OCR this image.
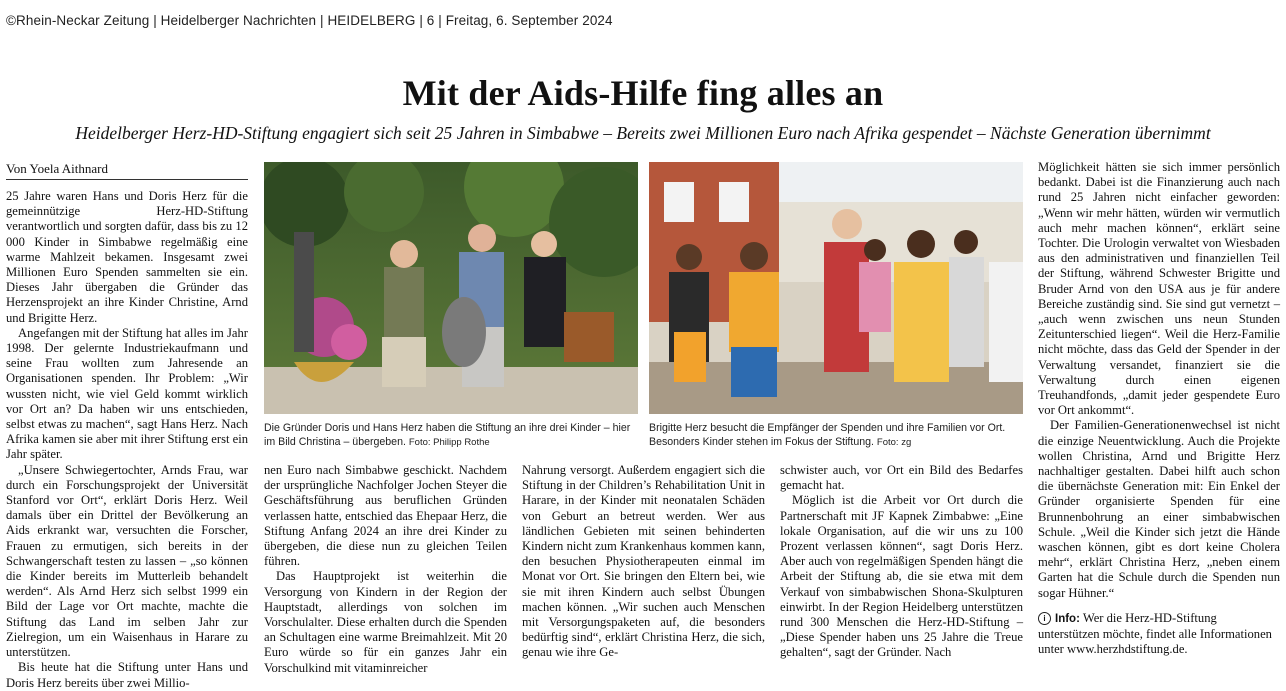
©Rhein-Neckar Zeitung | Heidelberger Nachrichten | HEIDELBERG | 6 | Freitag, 6. September 2024
Mit der Aids-Hilfe fing alles an
Heidelberger Herz-HD-Stiftung engagiert sich seit 25 Jahren in Simbabwe – Bereits zwei Millionen Euro nach Afrika gespendet – Nächste Generation übernimmt
Von Yoela Aithnard

25 Jahre waren Hans und Doris Herz für die gemeinnützige Herz-HD-Stiftung verantwortlich und sorgten dafür, dass bis zu 12 000 Kinder in Simbabwe regelmäßig eine warme Mahlzeit bekamen. Insgesamt zwei Millionen Euro Spenden sammelten sie ein. Dieses Jahr übergaben die Gründer das Herzensprojekt an ihre Kinder Christine, Arnd und Brigitte Herz.

Angefangen mit der Stiftung hat alles im Jahr 1998. Der gelernte Industriekaufmann und seine Frau wollten zum Jahresende an Organisationen spenden. Ihr Problem: „Wir wussten nicht, wie viel Geld kommt wirklich vor Ort an? Da haben wir uns entschieden, selbst etwas zu machen“, sagt Hans Herz. Nach Afrika kamen sie aber mit ihrer Stiftung erst ein Jahr später.

„Unsere Schwiegertochter, Arnds Frau, war durch ein Forschungsprojekt der Universität Stanford vor Ort“, erklärt Doris Herz. Weil damals über ein Drittel der Bevölkerung an Aids erkrankt war, versuchten die Forscher, Frauen zu ermutigen, sich bereits in der Schwangerschaft testen zu lassen – „so können die Kinder bereits im Mutterleib behandelt werden“. Als Arnd Herz sich selbst 1999 ein Bild der Lage vor Ort machte, machte die Stiftung das Land im selben Jahr zur Zielregion, um ein Waisenhaus in Harare zu unterstützen.

Bis heute hat die Stiftung unter Hans und Doris Herz bereits über zwei Millio-

Die Gründer Doris und Hans Herz haben die Stiftung an ihre drei Kinder – hier im Bild Christina – übergeben. Foto: Philipp Rothe
Brigitte Herz besucht die Empfänger der Spenden und ihre Familien vor Ort. Besonders Kinder stehen im Fokus der Stiftung. Foto: zg

nen Euro nach Simbabwe geschickt. Nachdem der ursprüngliche Nachfolger Jochen Steyer die Geschäftsführung aus beruflichen Gründen verlassen hatte, entschied das Ehepaar Herz, die Stiftung Anfang 2024 an ihre drei Kinder zu übergeben, die diese nun zu gleichen Teilen führen.

Das Hauptprojekt ist weiterhin die Versorgung von Kindern in der Region der Hauptstadt, allerdings von solchen im Vorschulalter. Diese erhalten durch die Spenden an Schultagen eine warme Breimahlzeit. Mit 20 Euro würde so für ein ganzes Jahr ein Vorschulkind mit vitaminreicher

Nahrung versorgt. Außerdem engagiert sich die Stiftung in der Children’s Rehabilitation Unit in Harare, in der Kinder mit neonatalen Schäden von Geburt an betreut werden. Wer aus ländlichen Gebieten mit seinen behinderten Kindern nicht zum Krankenhaus kommen kann, den besuchen Physiotherapeuten einmal im Monat vor Ort. Sie bringen den Eltern bei, wie sie mit ihren Kindern auch selbst Übungen machen können. „Wir suchen auch Menschen mit Versorgungspaketen auf, die besonders bedürftig sind“, erklärt Christina Herz, die sich, genau wie ihre Ge-

schwister auch, vor Ort ein Bild des Bedarfes gemacht hat.

Möglich ist die Arbeit vor Ort durch die Partnerschaft mit JF Kapnek Zimbabwe: „Eine lokale Organisation, auf die wir uns zu 100 Prozent verlassen können“, sagt Doris Herz. Aber auch von regelmäßigen Spenden hängt die Arbeit der Stiftung ab, die sie etwa mit dem Verkauf von simbabwischen Shona-Skulpturen einwirbt. In der Region Heidelberg unterstützen rund 300 Menschen die Herz-HD-Stiftung – „Diese Spender haben uns 25 Jahre die Treue gehalten“, sagt der Gründer. Nach

Möglichkeit hätten sie sich immer persönlich bedankt. Dabei ist die Finanzierung auch nach rund 25 Jahren nicht einfacher geworden: „Wenn wir mehr hätten, würden wir vermutlich auch mehr machen können“, erklärt seine Tochter. Die Urologin verwaltet von Wiesbaden aus den administrativen und finanziellen Teil der Stiftung, während Schwester Brigitte und Bruder Arnd von den USA aus je für andere Bereiche zuständig sind. Sie sind gut vernetzt – „auch wenn zwischen uns neun Stunden Zeitunterschied liegen“. Weil die Herz-Familie nicht möchte, dass das Geld der Spender in der Verwaltung versandet, finanziert sie die Verwaltung durch einen eigenen Treuhandfonds, „damit jeder gespendete Euro vor Ort ankommt“.

Der Familien-Generationenwechsel ist nicht die einzige Neuentwicklung. Auch die Projekte wollen Christina, Arnd und Brigitte Herz nachhaltiger gestalten. Dabei hilft auch schon die übernächste Generation mit: Ein Enkel der Gründer organisierte Spenden für eine Brunnenbohrung an einer simbabwischen Schule. „Weil die Kinder sich jetzt die Hände waschen können, gibt es dort keine Cholera mehr“, erklärt Christina Herz, „neben einem Garten hat die Schule durch die Spenden nun sogar Hühner.“

i Info: Wer die Herz-HD-Stiftung unterstützen möchte, findet alle Informationen unter www.herzhdstiftung.de.
